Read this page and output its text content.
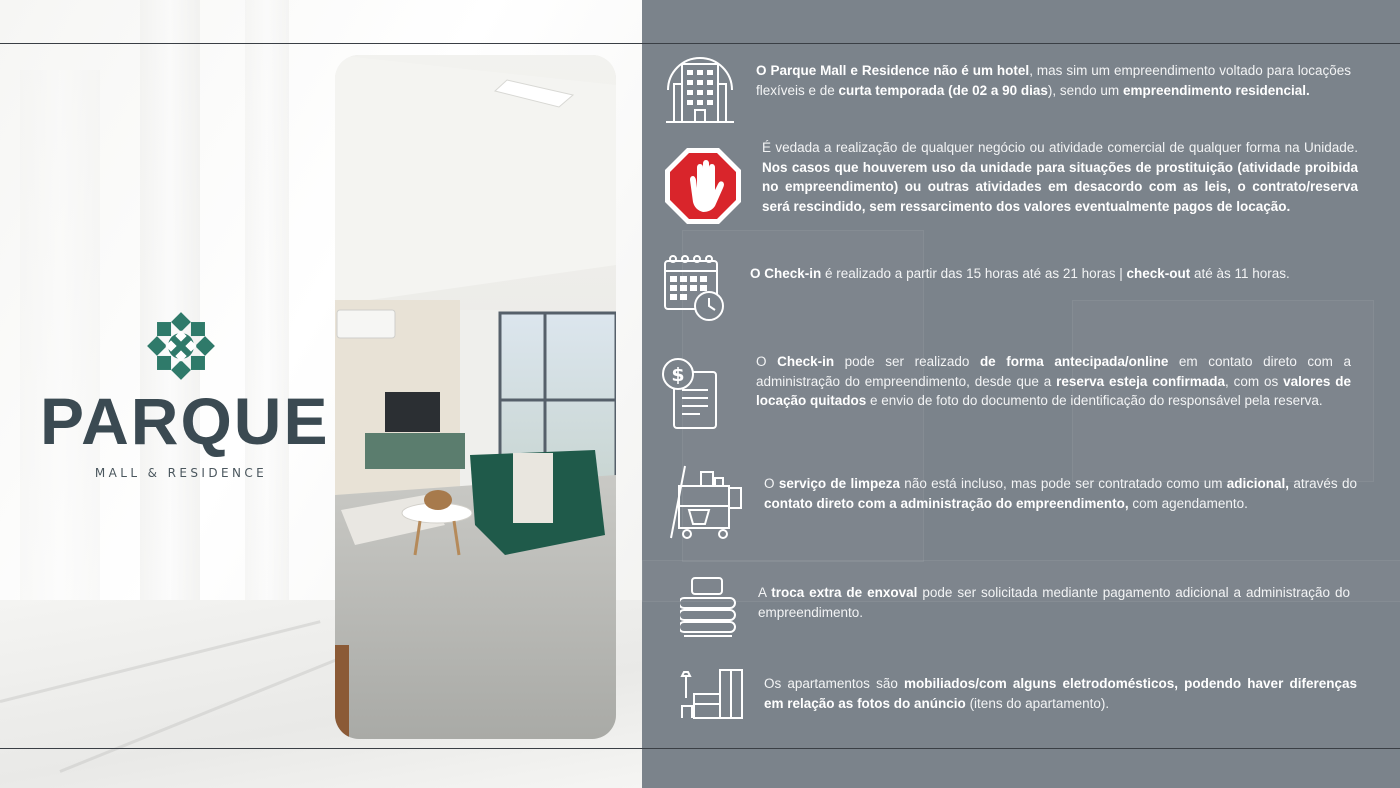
PARQUE
MALL & RESIDENCE
$
O Parque Mall e Residence não é um hotel, mas sim um empreendimento voltado para locações flexíveis e de curta temporada (de 02 a 90 dias), sendo um empreendimento residencial.
É vedada a realização de qualquer negócio ou atividade comercial de qualquer forma na Unidade. Nos casos que houverem uso da unidade para situações de prostituição (atividade proibida no empreendimento) ou outras atividades em desacordo com as leis, o contrato/reserva será rescindido, sem ressarcimento dos valores eventualmente pagos de locação.
O Check-in é realizado a partir das 15 horas até as 21 horas | check-out até às 11 horas.
O Check-in pode ser realizado de forma antecipada/online em contato direto com a administração do empreendimento, desde que a reserva esteja confirmada, com os valores de locação quitados e envio de foto do documento de identificação do responsável pela reserva.
O serviço de limpeza não está incluso, mas pode ser contratado como um adicional, através do contato direto com a administração do empreendimento, com agendamento.
A troca extra de enxoval pode ser solicitada mediante pagamento adicional a administração do empreendimento.
Os apartamentos são mobiliados/com alguns eletrodomésticos, podendo haver diferenças em relação as fotos do anúncio (itens do apartamento).
